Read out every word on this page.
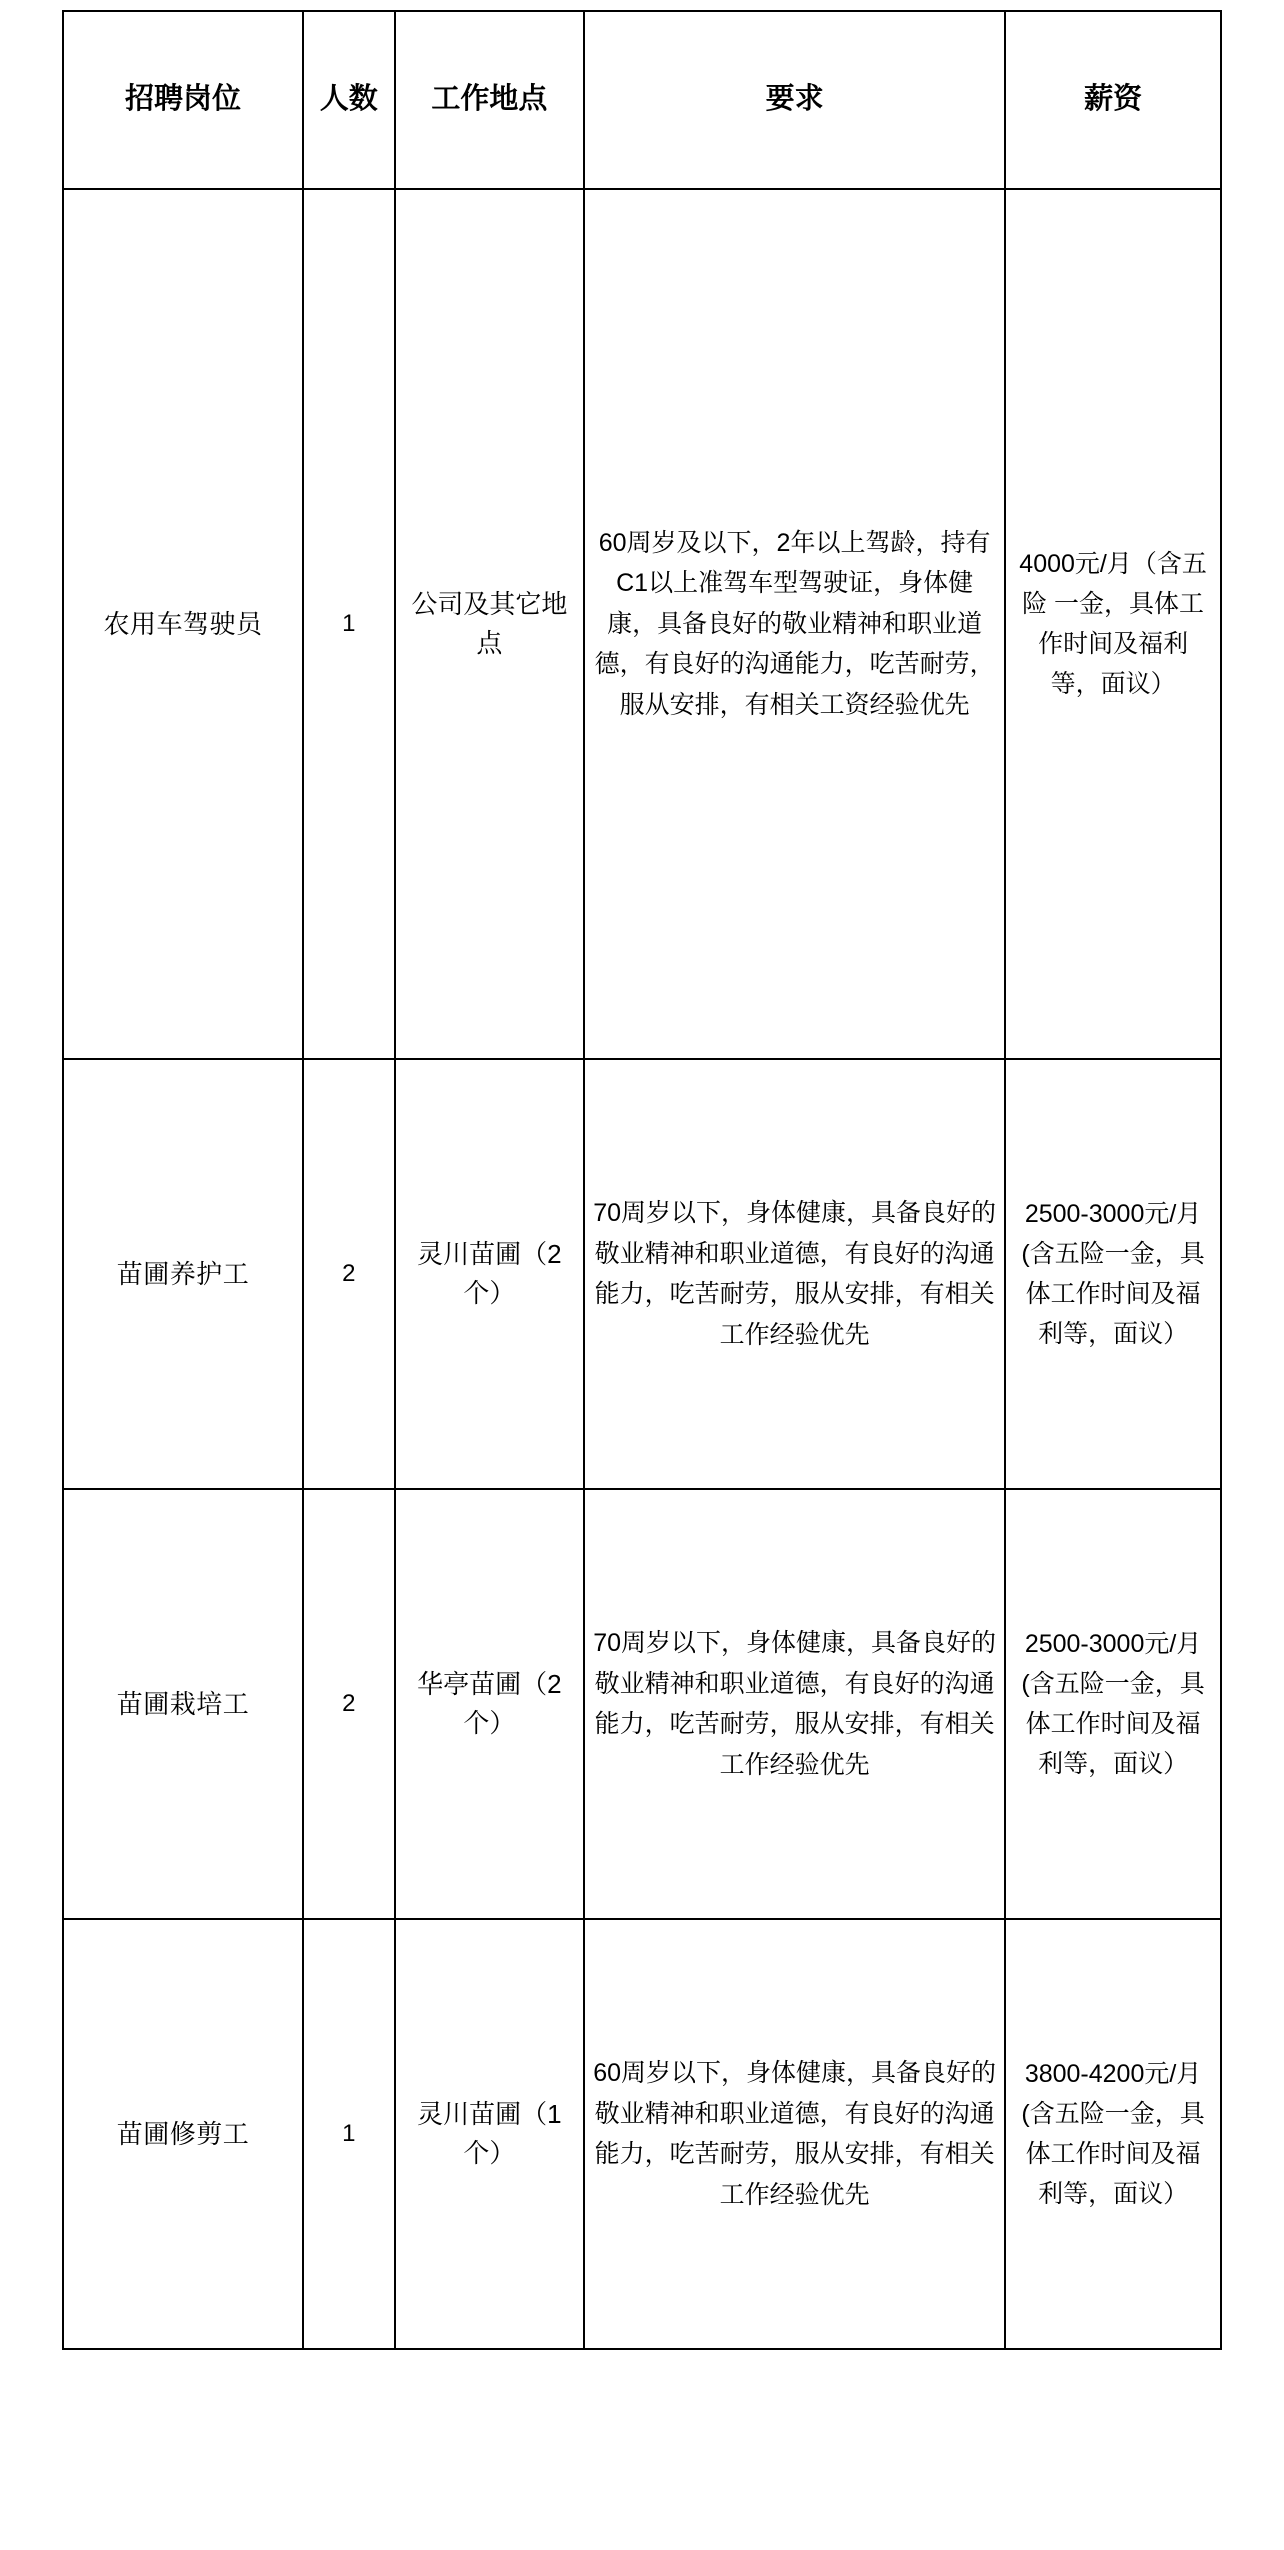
招聘岗位	人数	工作地点	要求	薪资
农用车驾驶员	1	公司及其它地点	60周岁及以下，2年以上驾龄，持有C1以上准驾车型驾驶证，身体健康，具备良好的敬业精神和职业道德，有良好的沟通能力，吃苦耐劳，服从安排，有相关工资经验优先	4000元/月（含五险 一金，具体工作时间及福利等，面议）
苗圃养护工	2	灵川苗圃（2个）	70周岁以下，身体健康，具备良好的敬业精神和职业道德，有良好的沟通能力，吃苦耐劳，服从安排，有相关工作经验优先	2500-3000元/月(含五险一金，具体工作时间及福利等，面议）
苗圃栽培工	2	华亭苗圃（2个）	70周岁以下，身体健康，具备良好的敬业精神和职业道德，有良好的沟通能力，吃苦耐劳，服从安排，有相关工作经验优先	2500-3000元/月(含五险一金，具体工作时间及福利等，面议）
苗圃修剪工	1	灵川苗圃（1个）	60周岁以下，身体健康，具备良好的敬业精神和职业道德，有良好的沟通能力，吃苦耐劳，服从安排，有相关工作经验优先	3800-4200元/月(含五险一金，具体工作时间及福利等，面议）
